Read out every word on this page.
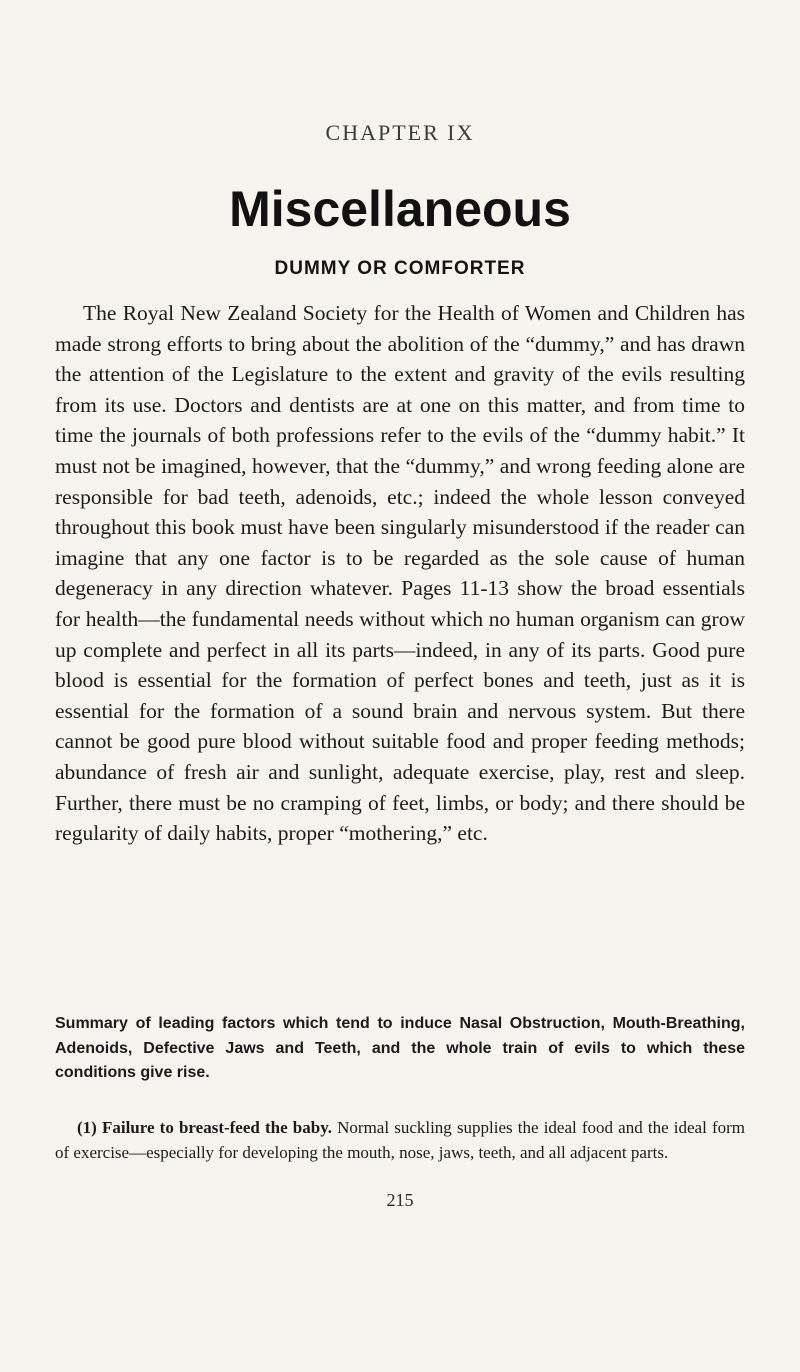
CHAPTER IX
Miscellaneous
DUMMY OR COMFORTER

The Royal New Zealand Society for the Health of Women and Children has made strong efforts to bring about the abolition of the “dummy,” and has drawn the attention of the Legislature to the extent and gravity of the evils resulting from its use. Doctors and dentists are at one on this matter, and from time to time the journals of both professions refer to the evils of the “dummy habit.” It must not be imagined, however, that the “dummy,” and wrong feeding alone are responsible for bad teeth, adenoids, etc.; indeed the whole lesson conveyed throughout this book must have been singularly misunderstood if the reader can imagine that any one factor is to be regarded as the sole cause of human degeneracy in any direction whatever. Pages 11-13 show the broad essentials for health—the fundamental needs without which no human organism can grow up complete and perfect in all its parts—indeed, in any of its parts. Good pure blood is essential for the formation of perfect bones and teeth, just as it is essential for the formation of a sound brain and nervous system. But there cannot be good pure blood without suitable food and proper feeding methods; abundance of fresh air and sunlight, adequate exercise, play, rest and sleep. Further, there must be no cramping of feet, limbs, or body; and there should be regularity of daily habits, proper “mothering,” etc.

Summary of leading factors which tend to induce Nasal Obstruction, Mouth-Breathing, Adenoids, Defective Jaws and Teeth, and the whole train of evils to which these conditions give rise.

(1) Failure to breast-feed the baby. Normal suckling supplies the ideal food and the ideal form of exercise—especially for developing the mouth, nose, jaws, teeth, and all adjacent parts.

215
